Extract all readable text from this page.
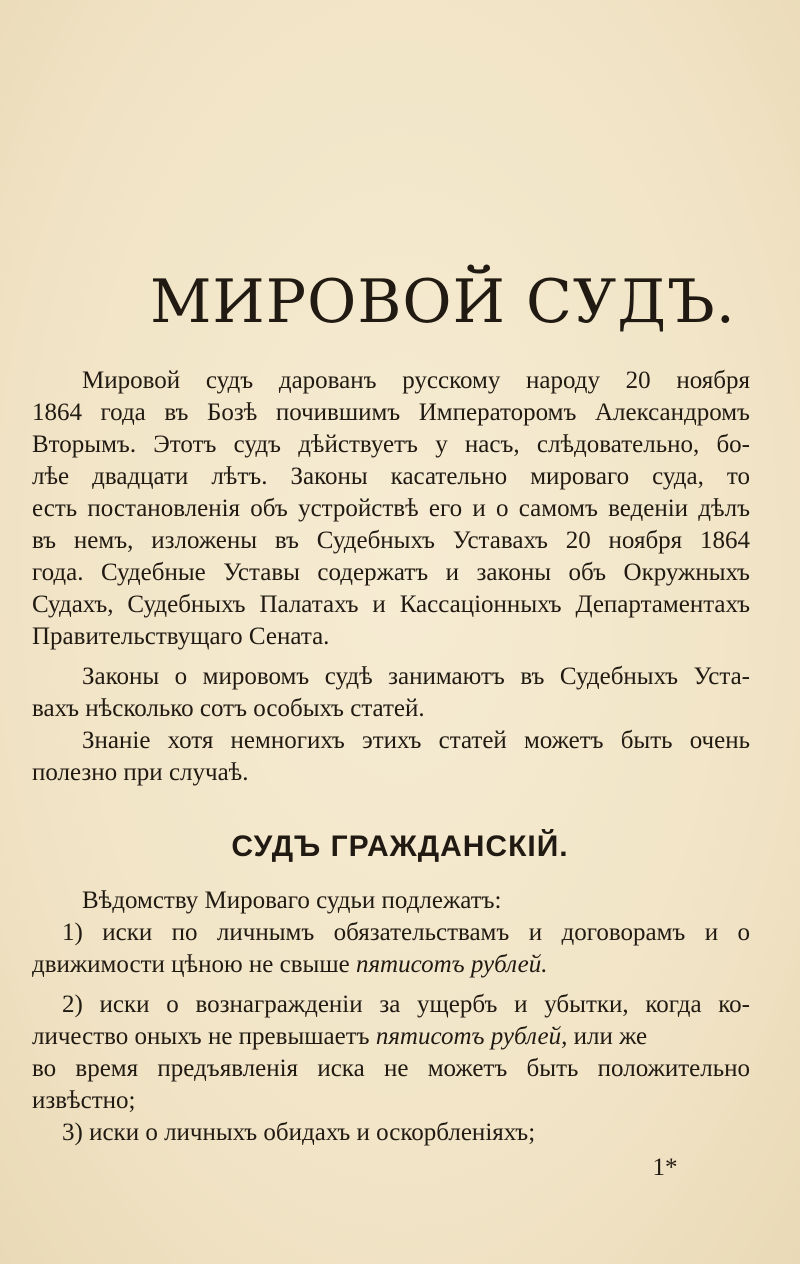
МИРОВОЙ СУДЪ.
Мировой судъ дарованъ русскому народу 20 ноября
1864 года въ Бозѣ почившимъ Императоромъ Александромъ
Вторымъ. Этотъ судъ дѣйствуетъ у насъ, слѣдовательно, бо-
лѣе двадцати лѣтъ. Законы касательно мироваго суда, то
есть постановленія объ устройствѣ его и о самомъ веденіи дѣлъ
въ немъ, изложены въ Судебныхъ Уставахъ 20 ноября 1864
года. Судебные Уставы содержатъ и законы объ Окружныхъ
Судахъ, Судебныхъ Палатахъ и Кассаціонныхъ Департаментахъ
Правительствущаго Сената.
Законы о мировомъ судѣ занимаютъ въ Судебныхъ Уста-
вахъ нѣсколько сотъ особыхъ статей.
Знаніе хотя немногихъ этихъ статей можетъ быть очень
полезно при случаѣ.
СУДЪ ГРАЖДАНСКІЙ.
Вѣдомству Мироваго судьи подлежатъ:
1) иски по личнымъ обязательствамъ и договорамъ и о
движимости цѣною не свыше пятисотъ рублей.
2) иски о вознагражденіи за ущербъ и убытки, когда ко-
личество оныхъ не превышаетъ пятисотъ рублей, или же
во время предъявленія иска не можетъ быть положительно
извѣстно;
3) иски о личныхъ обидахъ и оскорбленіяхъ;
1*
